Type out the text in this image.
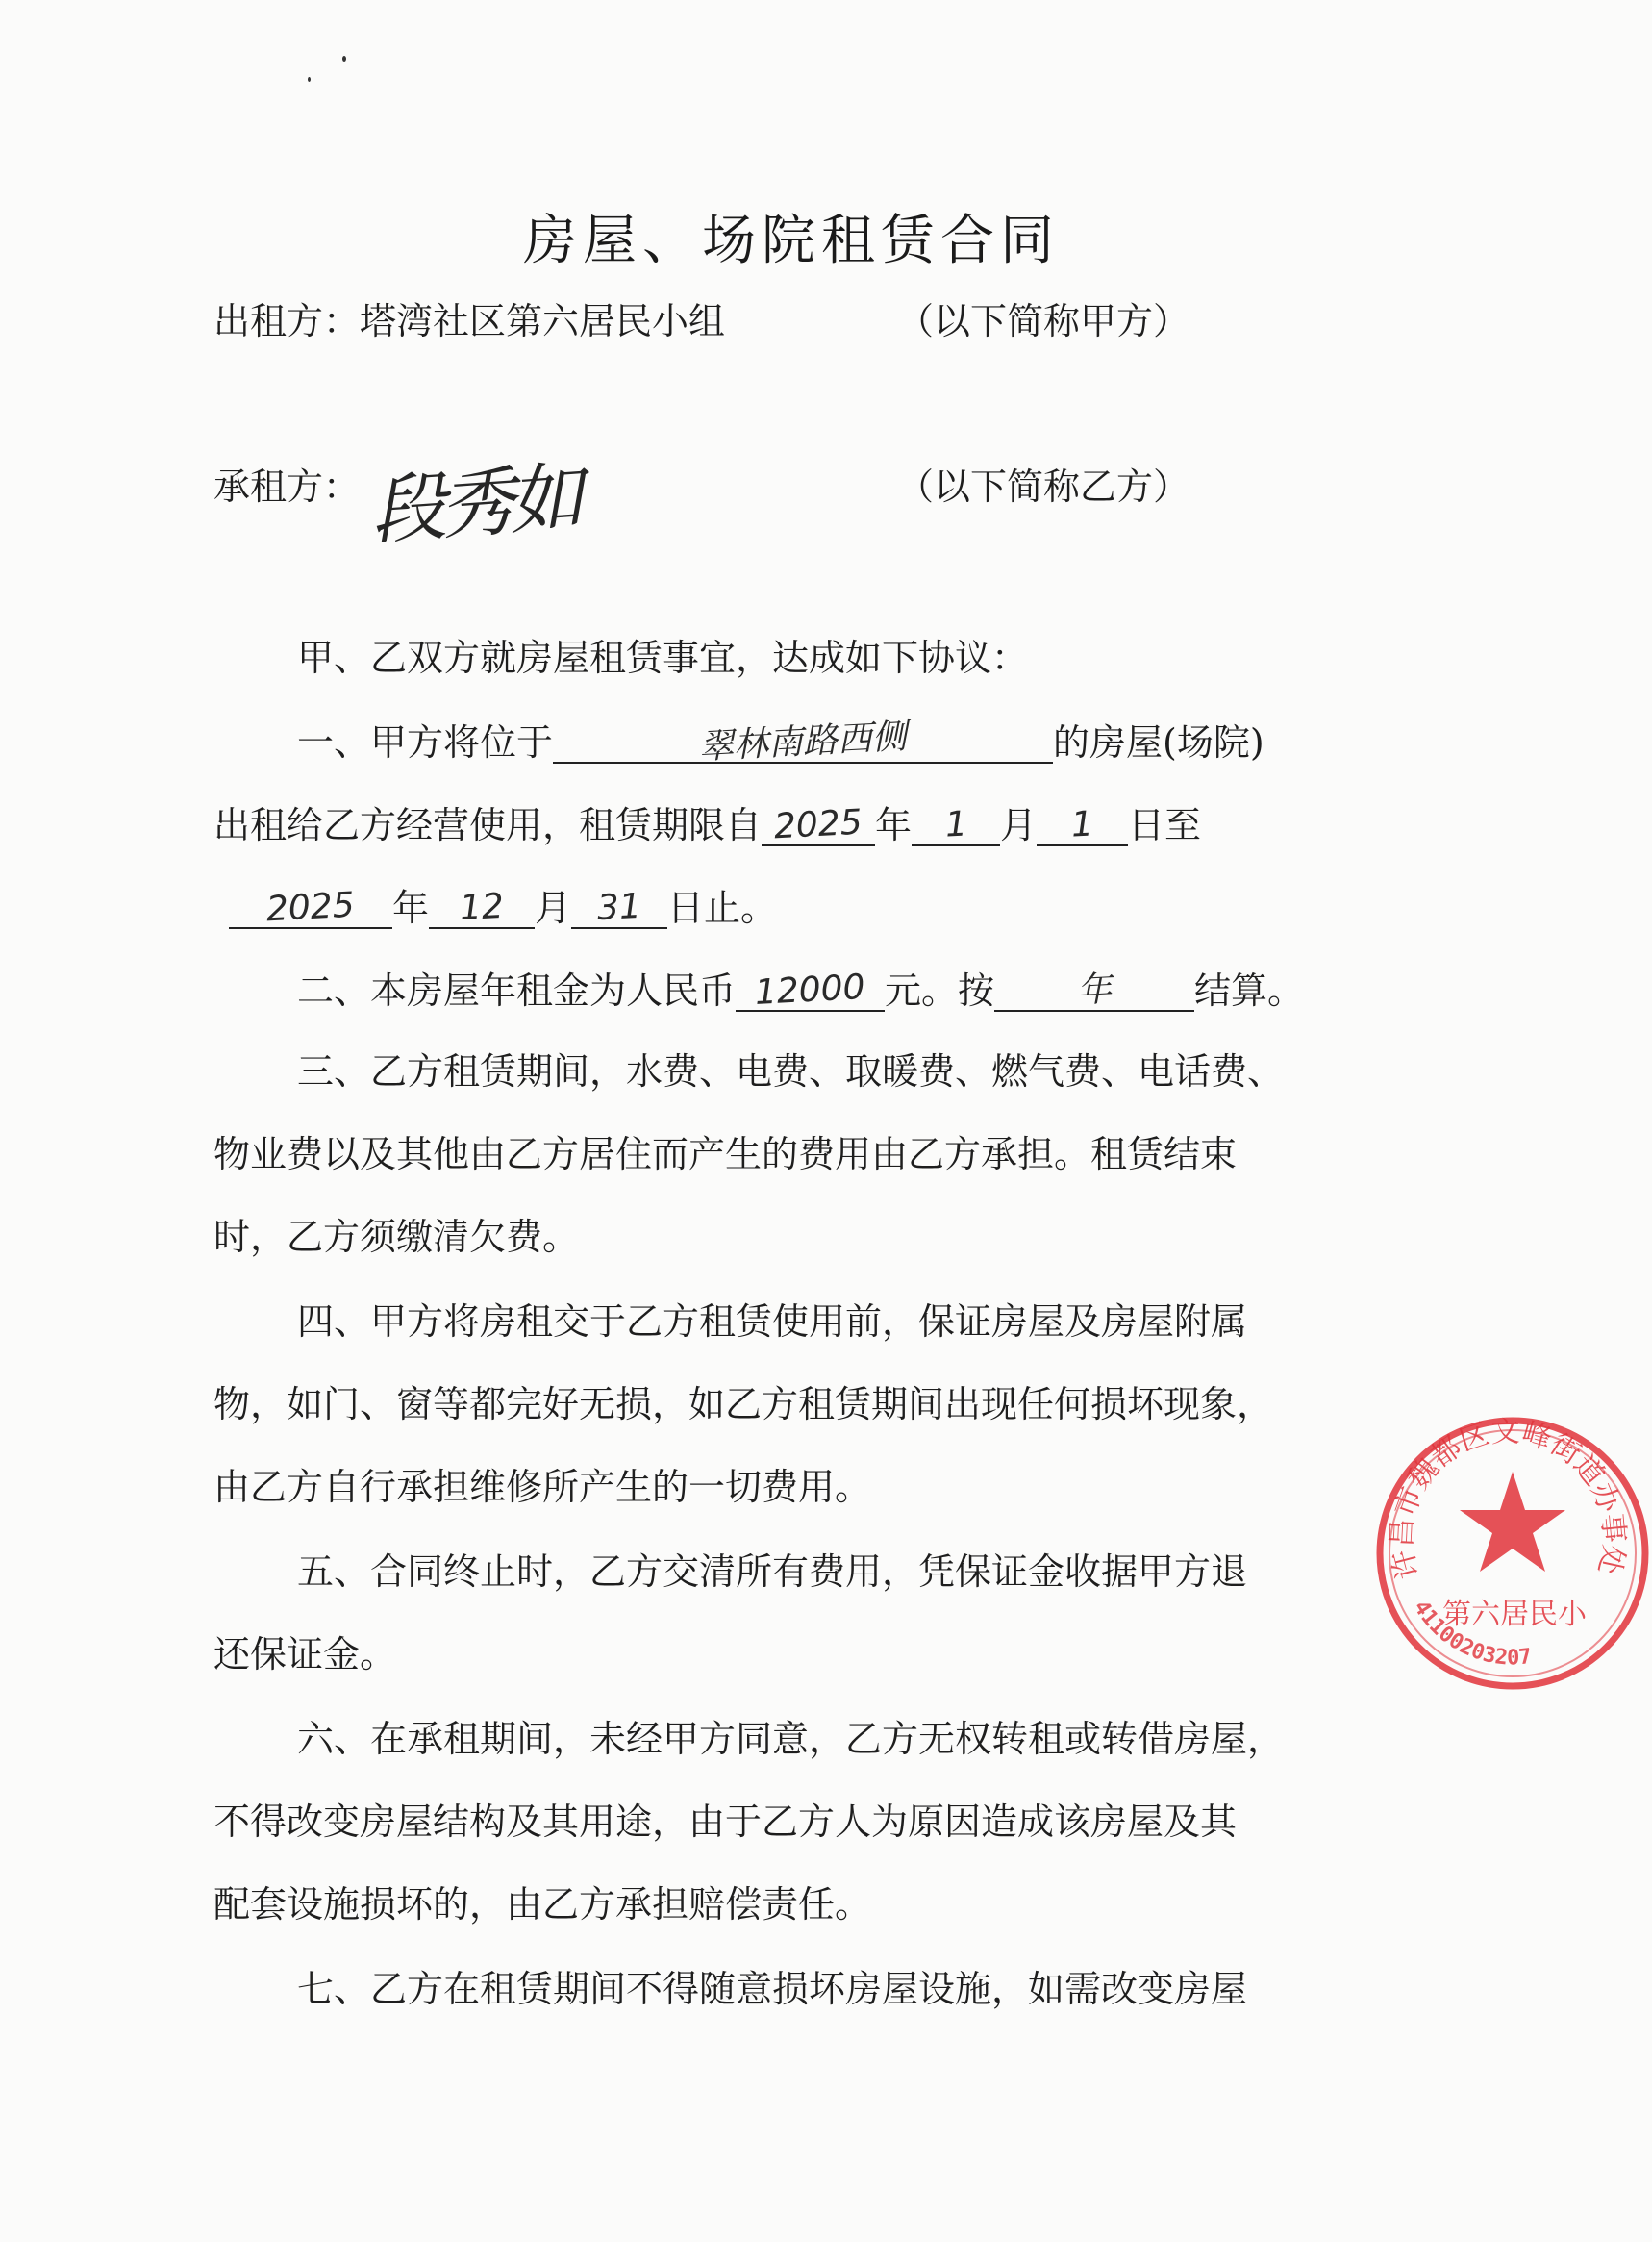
房屋、场院租赁合同
出租方：塔湾社区第六居民小组	（以下简称甲方）
承租方： 段秀如	（以下简称乙方）
甲、乙双方就房屋租赁事宜，达成如下协议：
一、甲方将位于	翠林南路西侧	的房屋(场院)
出租给乙方经营使用，租赁期限自 2025 年 1 月 1 日至
2025 年 12 月 31 日止。
二、本房屋年租金为人民币 12000 元。按 年 结算。
三、乙方租赁期间，水费、电费、取暖费、燃气费、电话费、
物业费以及其他由乙方居住而产生的费用由乙方承担。租赁结束
时，乙方须缴清欠费。
四、甲方将房租交于乙方租赁使用前，保证房屋及房屋附属
物，如门、窗等都完好无损，如乙方租赁期间出现任何损坏现象，
由乙方自行承担维修所产生的一切费用。
五、合同终止时，乙方交清所有费用，凭保证金收据甲方退
还保证金。
六、在承租期间，未经甲方同意，乙方无权转租或转借房屋，
不得改变房屋结构及其用途，由于乙方人为原因造成该房屋及其
配套设施损坏的，由乙方承担赔偿责任。
七、乙方在租赁期间不得随意损坏房屋设施，如需改变房屋
许昌市魏都区文峰街道办事处
第六居民小
41100203207
